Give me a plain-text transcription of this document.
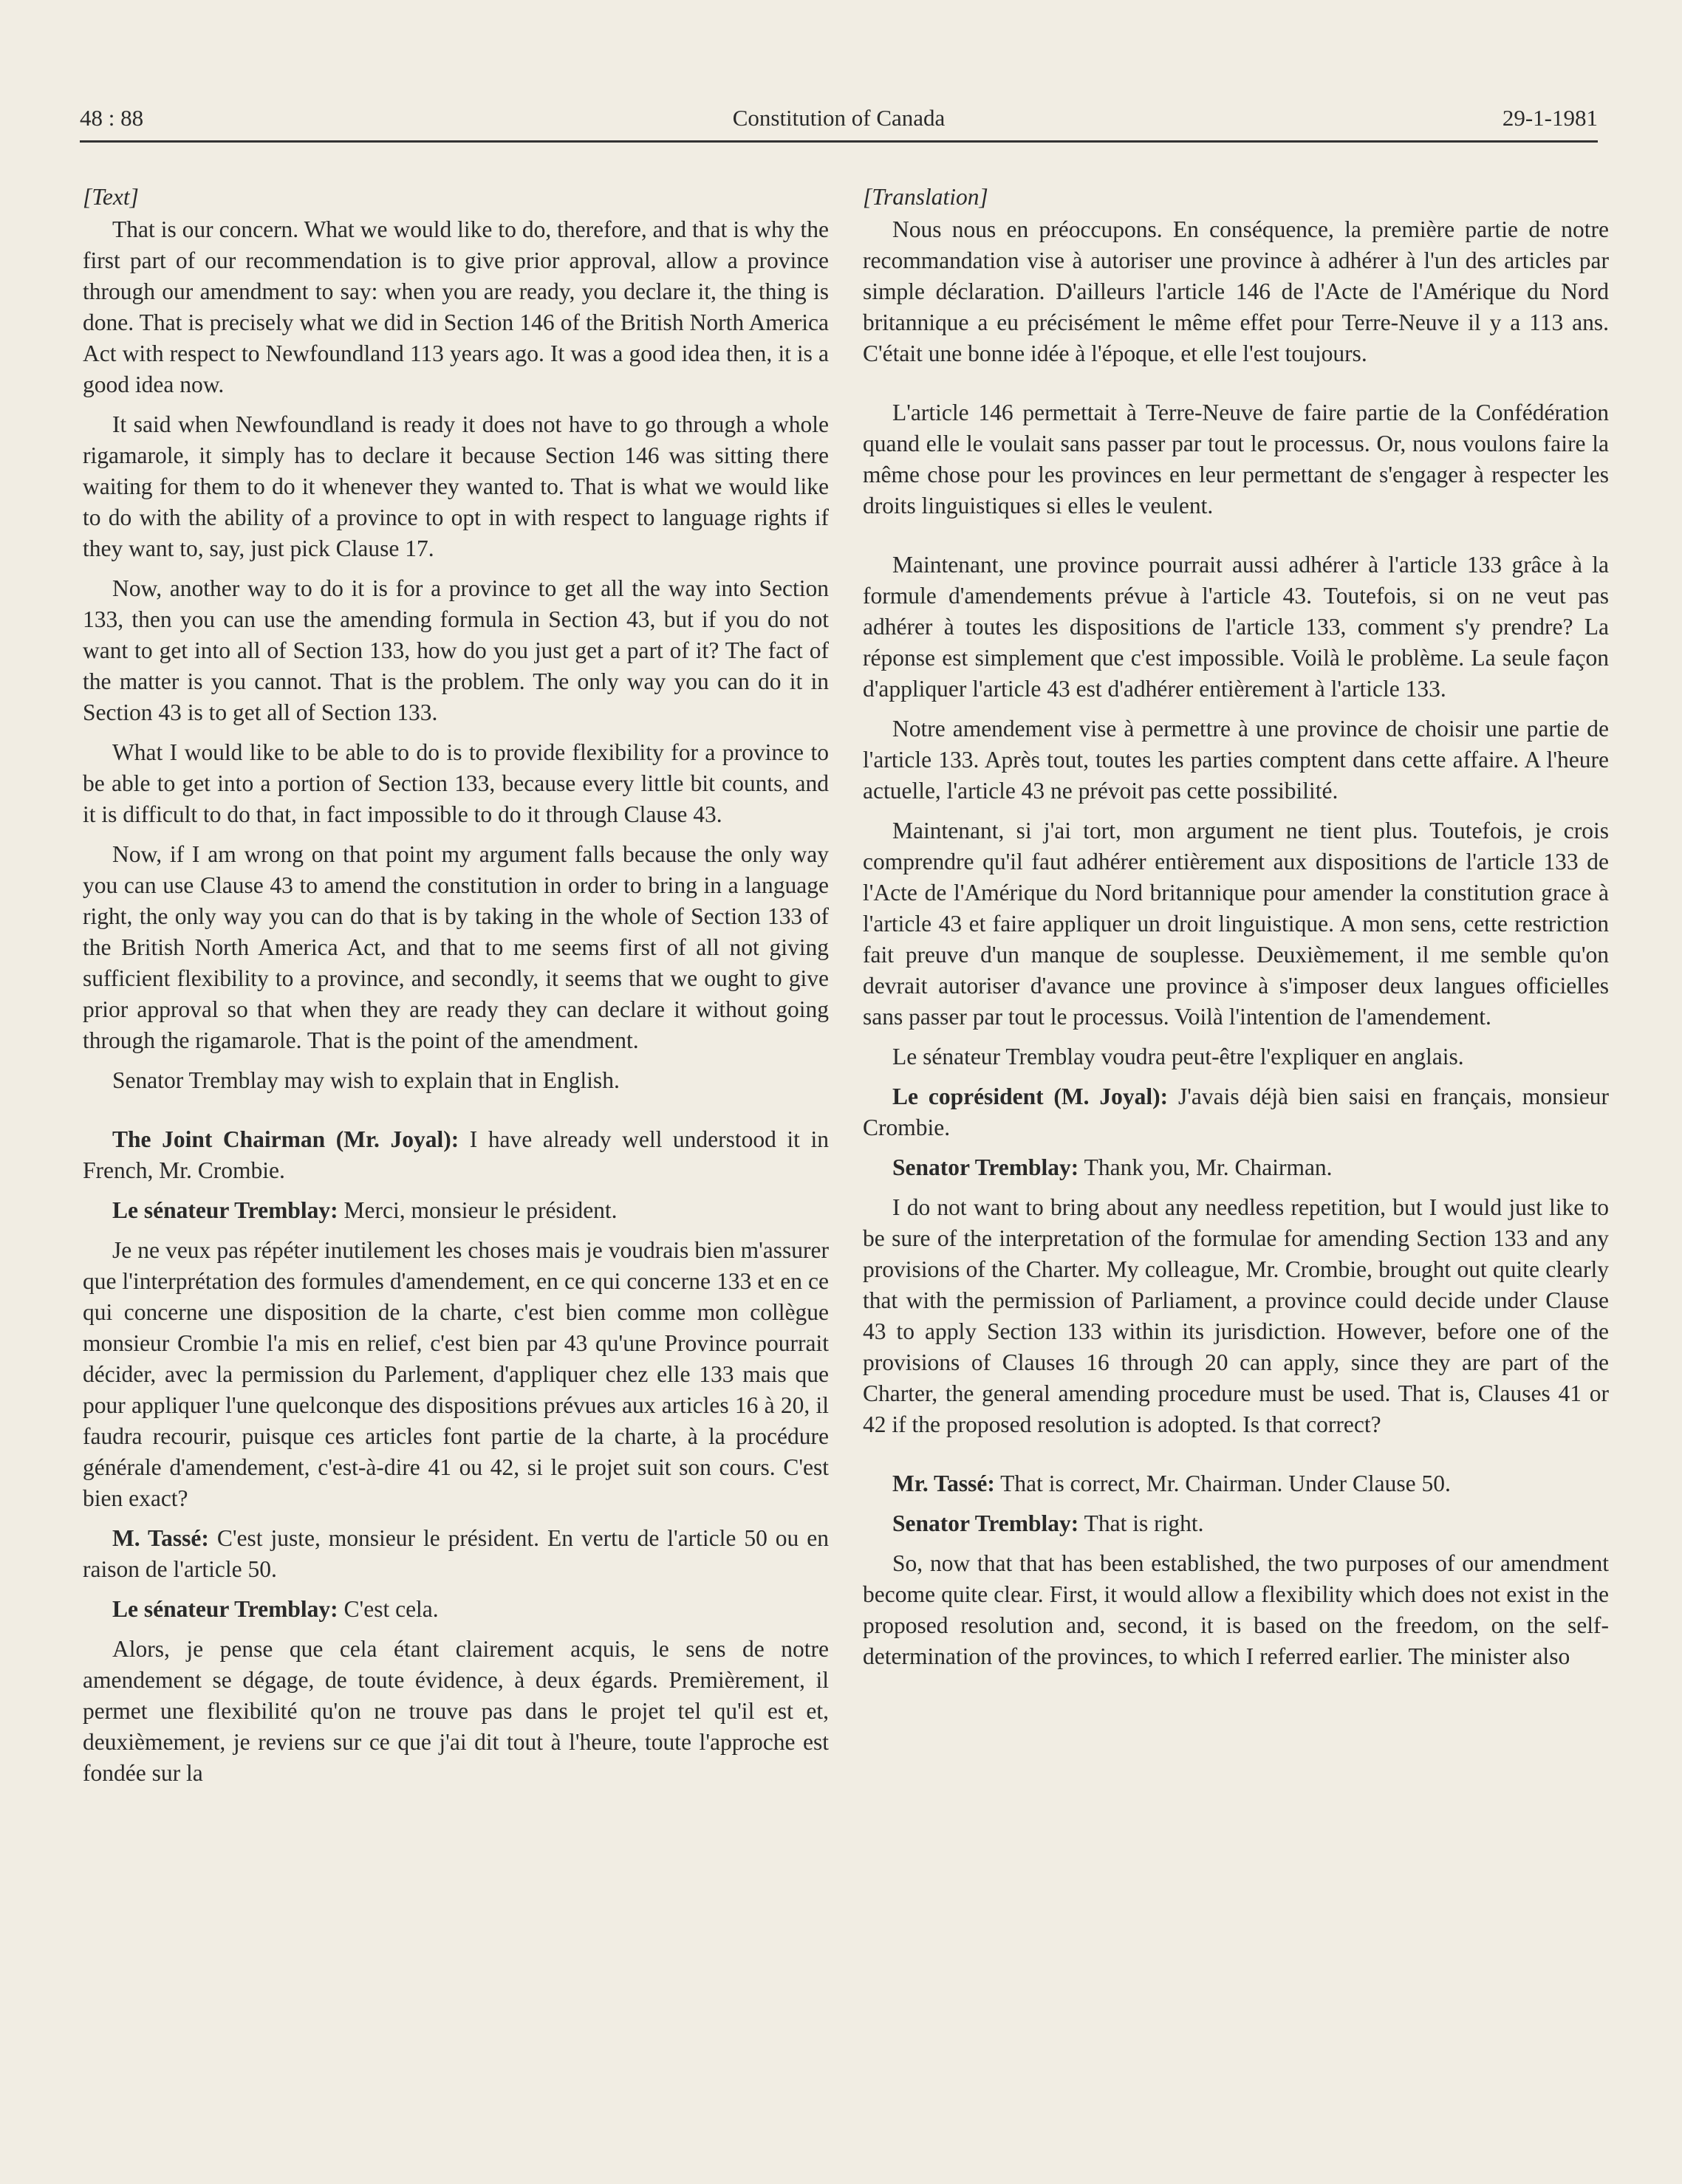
48 : 88	Constitution of Canada	29-1-1981

[Text]

That is our concern. What we would like to do, therefore, and that is why the first part of our recommendation is to give prior approval, allow a province through our amendment to say: when you are ready, you declare it, the thing is done. That is precisely what we did in Section 146 of the British North America Act with respect to Newfoundland 113 years ago. It was a good idea then, it is a good idea now.

It said when Newfoundland is ready it does not have to go through a whole rigamarole, it simply has to declare it because Section 146 was sitting there waiting for them to do it whenever they wanted to. That is what we would like to do with the ability of a province to opt in with respect to language rights if they want to, say, just pick Clause 17.

Now, another way to do it is for a province to get all the way into Section 133, then you can use the amending formula in Section 43, but if you do not want to get into all of Section 133, how do you just get a part of it? The fact of the matter is you cannot. That is the problem. The only way you can do it in Section 43 is to get all of Section 133.

What I would like to be able to do is to provide flexibility for a province to be able to get into a portion of Section 133, because every little bit counts, and it is difficult to do that, in fact impossible to do it through Clause 43.

Now, if I am wrong on that point my argument falls because the only way you can use Clause 43 to amend the constitution in order to bring in a language right, the only way you can do that is by taking in the whole of Section 133 of the British North America Act, and that to me seems first of all not giving sufficient flexibility to a province, and secondly, it seems that we ought to give prior approval so that when they are ready they can declare it without going through the rigamarole. That is the point of the amendment.

Senator Tremblay may wish to explain that in English.

The Joint Chairman (Mr. Joyal): I have already well understood it in French, Mr. Crombie.

Le sénateur Tremblay: Merci, monsieur le président.

Je ne veux pas répéter inutilement les choses mais je voudrais bien m'assurer que l'interprétation des formules d'amendement, en ce qui concerne 133 et en ce qui concerne une disposition de la charte, c'est bien comme mon collègue monsieur Crombie l'a mis en relief, c'est bien par 43 qu'une Province pourrait décider, avec la permission du Parlement, d'appliquer chez elle 133 mais que pour appliquer l'une quelconque des dispositions prévues aux articles 16 à 20, il faudra recourir, puisque ces articles font partie de la charte, à la procédure générale d'amendement, c'est-à-dire 41 ou 42, si le projet suit son cours. C'est bien exact?

M. Tassé: C'est juste, monsieur le président. En vertu de l'article 50 ou en raison de l'article 50.

Le sénateur Tremblay: C'est cela.

Alors, je pense que cela étant clairement acquis, le sens de notre amendement se dégage, de toute évidence, à deux égards. Premièrement, il permet une flexibilité qu'on ne trouve pas dans le projet tel qu'il est et, deuxièmement, je reviens sur ce que j'ai dit tout à l'heure, toute l'approche est fondée sur la

[Translation]

Nous nous en préoccupons. En conséquence, la première partie de notre recommandation vise à autoriser une province à adhérer à l'un des articles par simple déclaration. D'ailleurs l'article 146 de l'Acte de l'Amérique du Nord britannique a eu précisément le même effet pour Terre-Neuve il y a 113 ans. C'était une bonne idée à l'époque, et elle l'est toujours.

L'article 146 permettait à Terre-Neuve de faire partie de la Confédération quand elle le voulait sans passer par tout le processus. Or, nous voulons faire la même chose pour les provinces en leur permettant de s'engager à respecter les droits linguistiques si elles le veulent.

Maintenant, une province pourrait aussi adhérer à l'article 133 grâce à la formule d'amendements prévue à l'article 43. Toutefois, si on ne veut pas adhérer à toutes les dispositions de l'article 133, comment s'y prendre? La réponse est simplement que c'est impossible. Voilà le problème. La seule façon d'appliquer l'article 43 est d'adhérer entièrement à l'article 133.

Notre amendement vise à permettre à une province de choisir une partie de l'article 133. Après tout, toutes les parties comptent dans cette affaire. A l'heure actuelle, l'article 43 ne prévoit pas cette possibilité.

Maintenant, si j'ai tort, mon argument ne tient plus. Toutefois, je crois comprendre qu'il faut adhérer entièrement aux dispositions de l'article 133 de l'Acte de l'Amérique du Nord britannique pour amender la constitution grace à l'article 43 et faire appliquer un droit linguistique. A mon sens, cette restriction fait preuve d'un manque de souplesse. Deuxièmement, il me semble qu'on devrait autoriser d'avance une province à s'imposer deux langues officielles sans passer par tout le processus. Voilà l'intention de l'amendement.

Le sénateur Tremblay voudra peut-être l'expliquer en anglais.

Le coprésident (M. Joyal): J'avais déjà bien saisi en français, monsieur Crombie.

Senator Tremblay: Thank you, Mr. Chairman.

I do not want to bring about any needless repetition, but I would just like to be sure of the interpretation of the formulae for amending Section 133 and any provisions of the Charter. My colleague, Mr. Crombie, brought out quite clearly that with the permission of Parliament, a province could decide under Clause 43 to apply Section 133 within its jurisdiction. However, before one of the provisions of Clauses 16 through 20 can apply, since they are part of the Charter, the general amending procedure must be used. That is, Clauses 41 or 42 if the proposed resolution is adopted. Is that correct?

Mr. Tassé: That is correct, Mr. Chairman. Under Clause 50.

Senator Tremblay: That is right.

So, now that that has been established, the two purposes of our amendment become quite clear. First, it would allow a flexibility which does not exist in the proposed resolution and, second, it is based on the freedom, on the self-determination of the provinces, to which I referred earlier. The minister also
